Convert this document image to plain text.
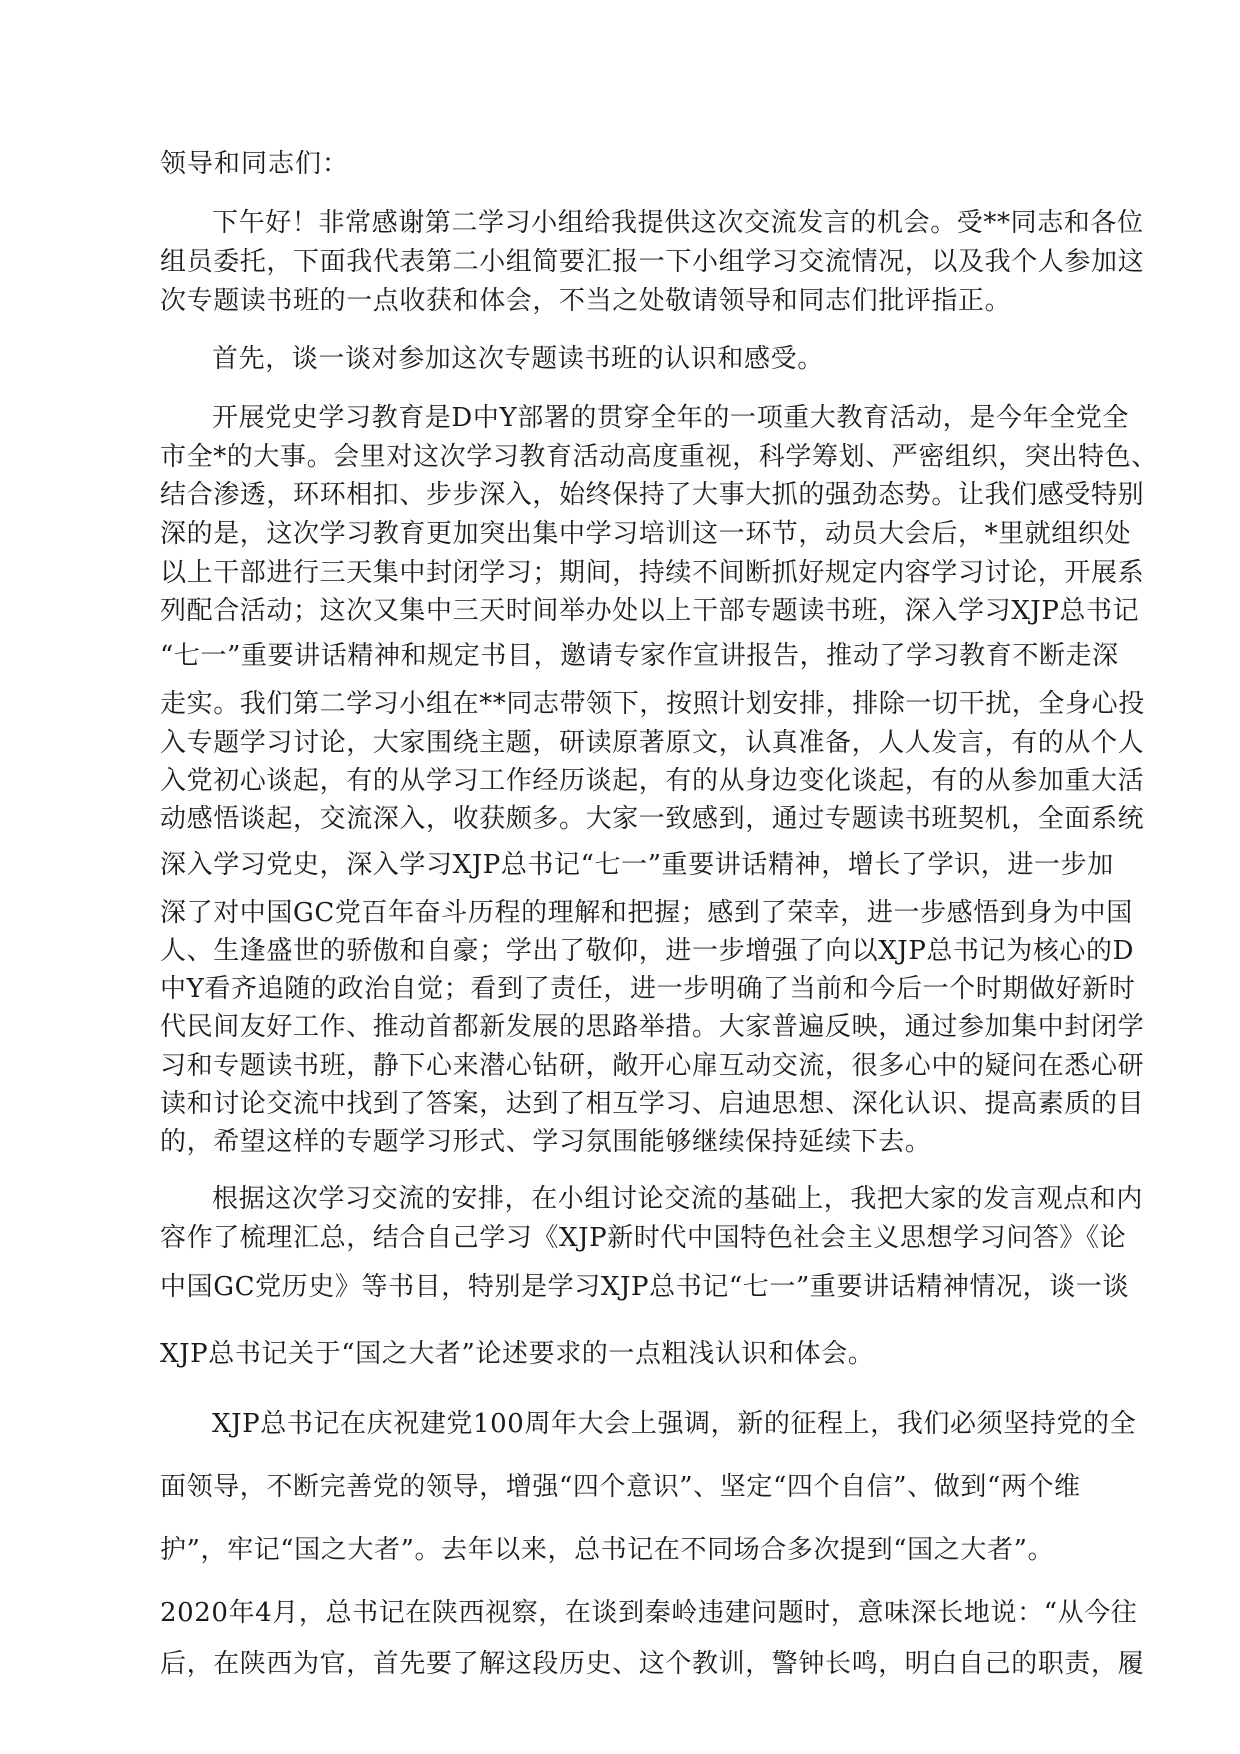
领导和同志们：
下午好！非常感谢第二学习小组给我提供这次交流发言的机会。受**同志和各位
组员委托，下面我代表第二小组简要汇报一下小组学习交流情况，以及我个人参加这
次专题读书班的一点收获和体会，不当之处敬请领导和同志们批评指正。
首先，谈一谈对参加这次专题读书班的认识和感受。
开展党史学习教育是D中Y部署的贯穿全年的一项重大教育活动，是今年全党全
市全*的大事。会里对这次学习教育活动高度重视，科学筹划、严密组织，突出特色、
结合渗透，环环相扣、步步深入，始终保持了大事大抓的强劲态势。让我们感受特别
深的是，这次学习教育更加突出集中学习培训这一环节，动员大会后，*里就组织处
以上干部进行三天集中封闭学习；期间，持续不间断抓好规定内容学习讨论，开展系
列配合活动；这次又集中三天时间举办处以上干部专题读书班，深入学习XJP总书记
“七一”重要讲话精神和规定书目，邀请专家作宣讲报告，推动了学习教育不断走深
走实。我们第二学习小组在**同志带领下，按照计划安排，排除一切干扰，全身心投
入专题学习讨论，大家围绕主题，研读原著原文，认真准备，人人发言，有的从个人
入党初心谈起，有的从学习工作经历谈起，有的从身边变化谈起，有的从参加重大活
动感悟谈起，交流深入，收获颇多。大家一致感到，通过专题读书班契机，全面系统
深入学习党史，深入学习XJP总书记“七一”重要讲话精神，增长了学识，进一步加
深了对中国GC党百年奋斗历程的理解和把握；感到了荣幸，进一步感悟到身为中国
人、生逢盛世的骄傲和自豪；学出了敬仰，进一步增强了向以XJP总书记为核心的D
中Y看齐追随的政治自觉；看到了责任，进一步明确了当前和今后一个时期做好新时
代民间友好工作、推动首都新发展的思路举措。大家普遍反映，通过参加集中封闭学
习和专题读书班，静下心来潜心钻研，敞开心扉互动交流，很多心中的疑问在悉心研
读和讨论交流中找到了答案，达到了相互学习、启迪思想、深化认识、提高素质的目
的，希望这样的专题学习形式、学习氛围能够继续保持延续下去。
根据这次学习交流的安排，在小组讨论交流的基础上，我把大家的发言观点和内
容作了梳理汇总，结合自己学习《XJP新时代中国特色社会主义思想学习问答》《论
中国GC党历史》等书目，特别是学习XJP总书记“七一”重要讲话精神情况，谈一谈
XJP总书记关于“国之大者”论述要求的一点粗浅认识和体会。
XJP总书记在庆祝建党100周年大会上强调，新的征程上，我们必须坚持党的全
面领导，不断完善党的领导，增强“四个意识”、坚定“四个自信”、做到“两个维
护”，牢记“国之大者”。去年以来，总书记在不同场合多次提到“国之大者”。
2020年4月，总书记在陕西视察，在谈到秦岭违建问题时，意味深长地说：“从今往
后，在陕西为官，首先要了解这段历史、这个教训，警钟长鸣，明白自己的职责，履
